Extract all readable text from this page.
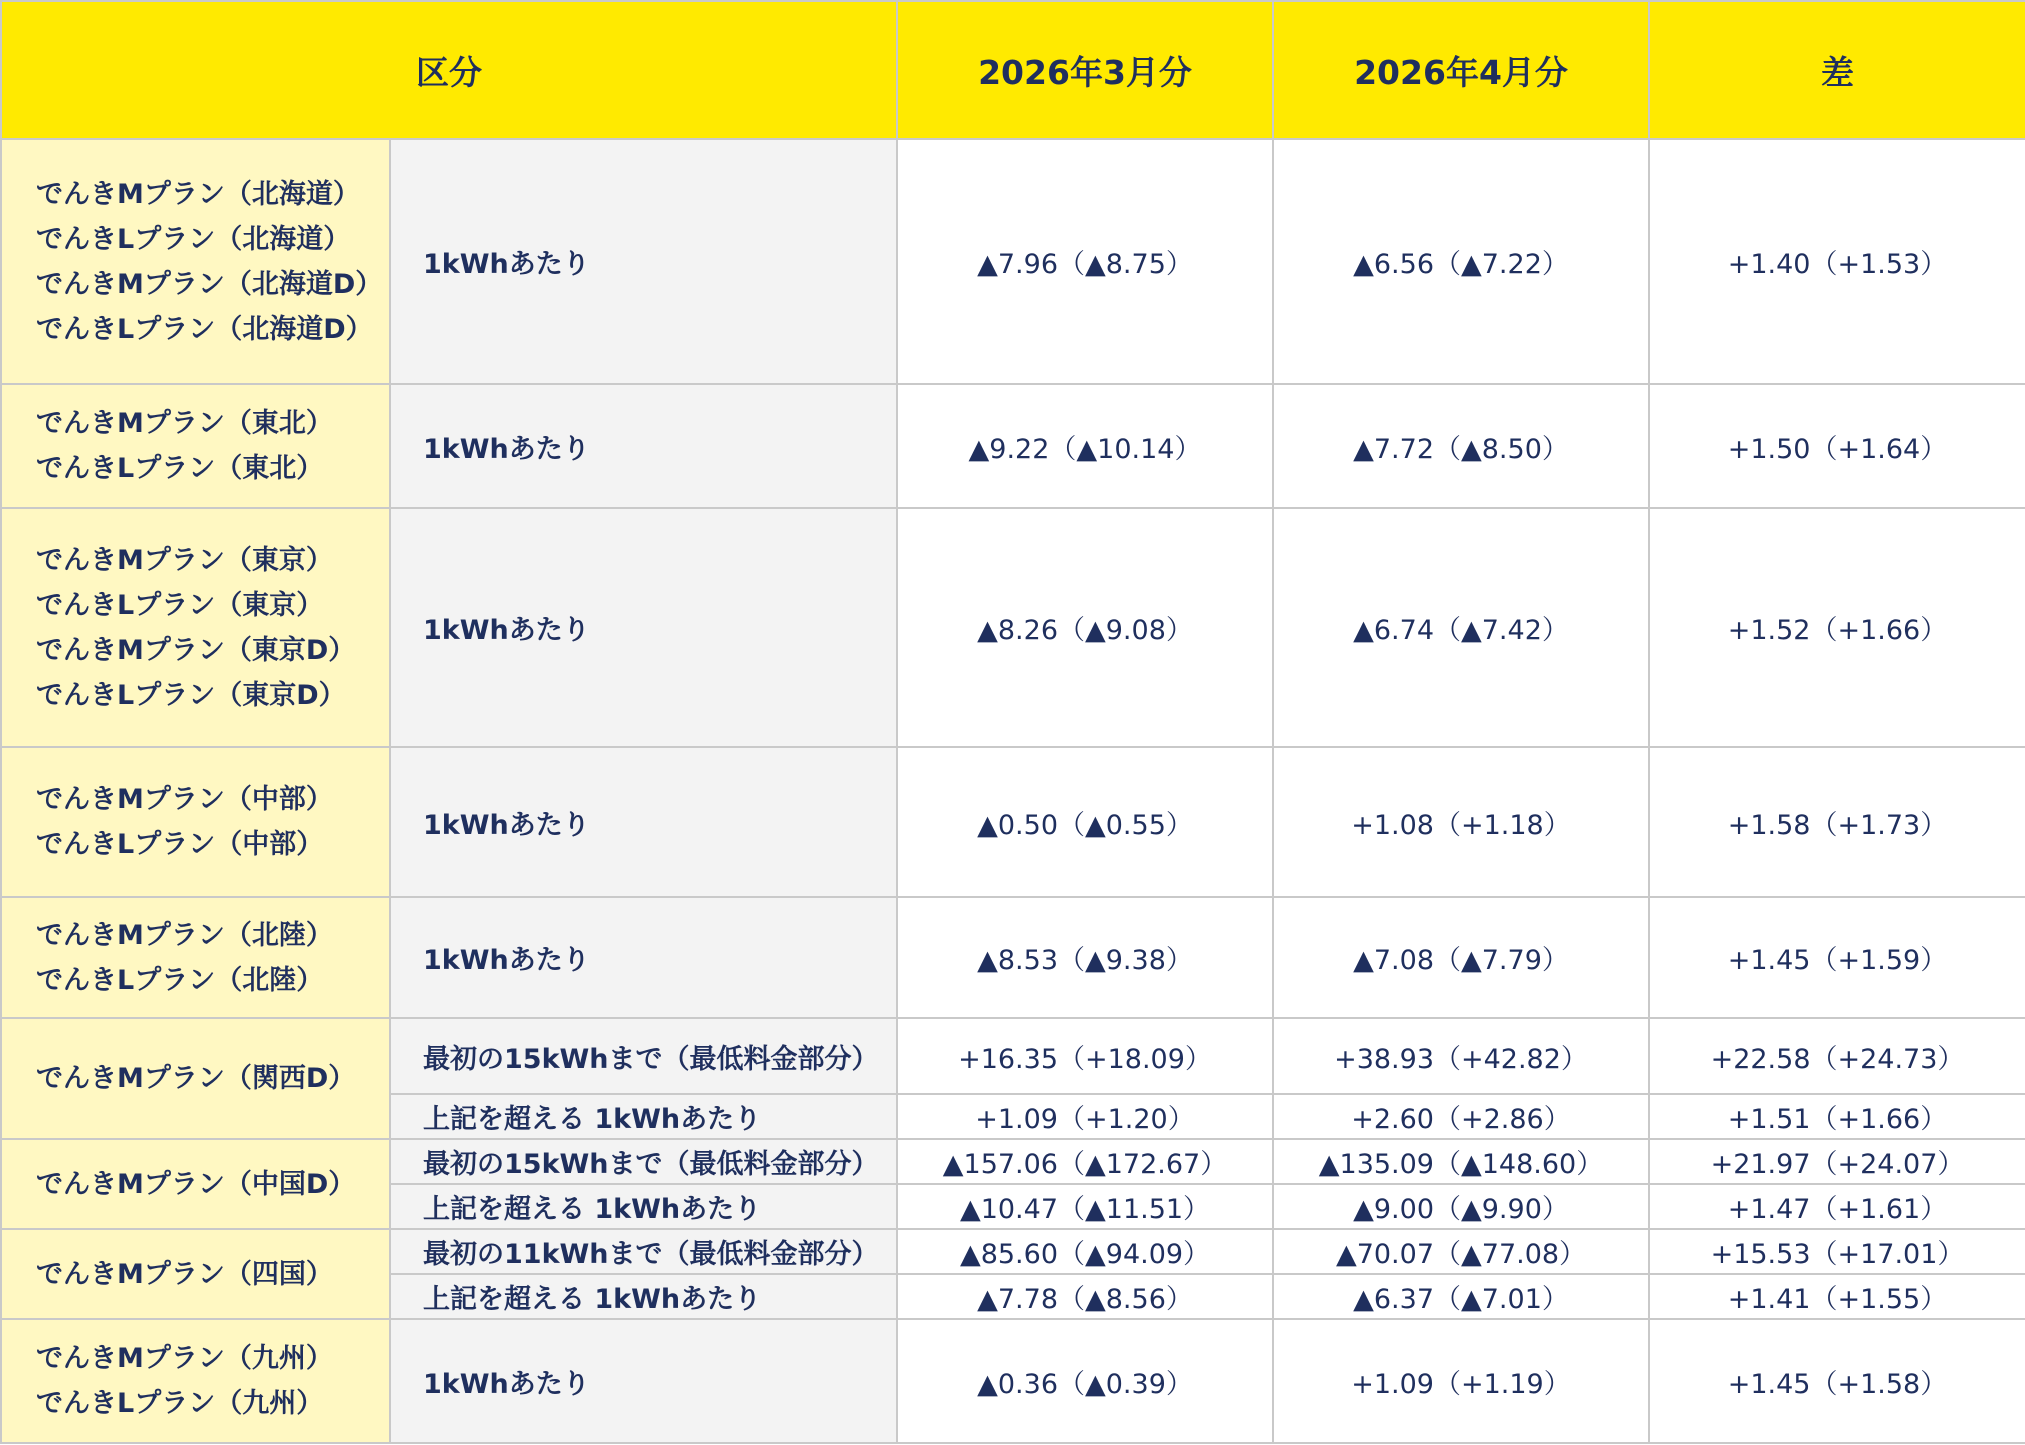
区分		2026年3月分	2026年4月分	差

でんきMプラン（北海道）
でんきLプラン（北海道）
でんきMプラン（北海道D）
でんきLプラン（北海道D）	1kWhあたり	▲7.96（▲8.75）	▲6.56（▲7.22）	+1.40（+1.53）

でんきMプラン（東北）
でんきLプラン（東北）	1kWhあたり	▲9.22（▲10.14）	▲7.72（▲8.50）	+1.50（+1.64）

でんきMプラン（東京）
でんきLプラン（東京）
でんきMプラン（東京D）
でんきLプラン（東京D）	1kWhあたり	▲8.26（▲9.08）	▲6.74（▲7.42）	+1.52（+1.66）

でんきMプラン（中部）
でんきLプラン（中部）	1kWhあたり	▲0.50（▲0.55）	+1.08（+1.18）	+1.58（+1.73）

でんきMプラン（北陸）
でんきLプラン（北陸）	1kWhあたり	▲8.53（▲9.38）	▲7.08（▲7.79）	+1.45（+1.59）

でんきMプラン（関西D）	最初の15kWhまで（最低料金部分）	+16.35（+18.09）	+38.93（+42.82）	+22.58（+24.73）
	上記を超える 1kWhあたり	+1.09（+1.20）	+2.60（+2.86）	+1.51（+1.66）

でんきMプラン（中国D）	最初の15kWhまで（最低料金部分）	▲157.06（▲172.67）	▲135.09（▲148.60）	+21.97（+24.07）
	上記を超える 1kWhあたり	▲10.47（▲11.51）	▲9.00（▲9.90）	+1.47（+1.61）

でんきMプラン（四国）	最初の11kWhまで（最低料金部分）	▲85.60（▲94.09）	▲70.07（▲77.08）	+15.53（+17.01）
	上記を超える 1kWhあたり	▲7.78（▲8.56）	▲6.37（▲7.01）	+1.41（+1.55）

でんきMプラン（九州）
でんきLプラン（九州）	1kWhあたり	▲0.36（▲0.39）	+1.09（+1.19）	+1.45（+1.58）
